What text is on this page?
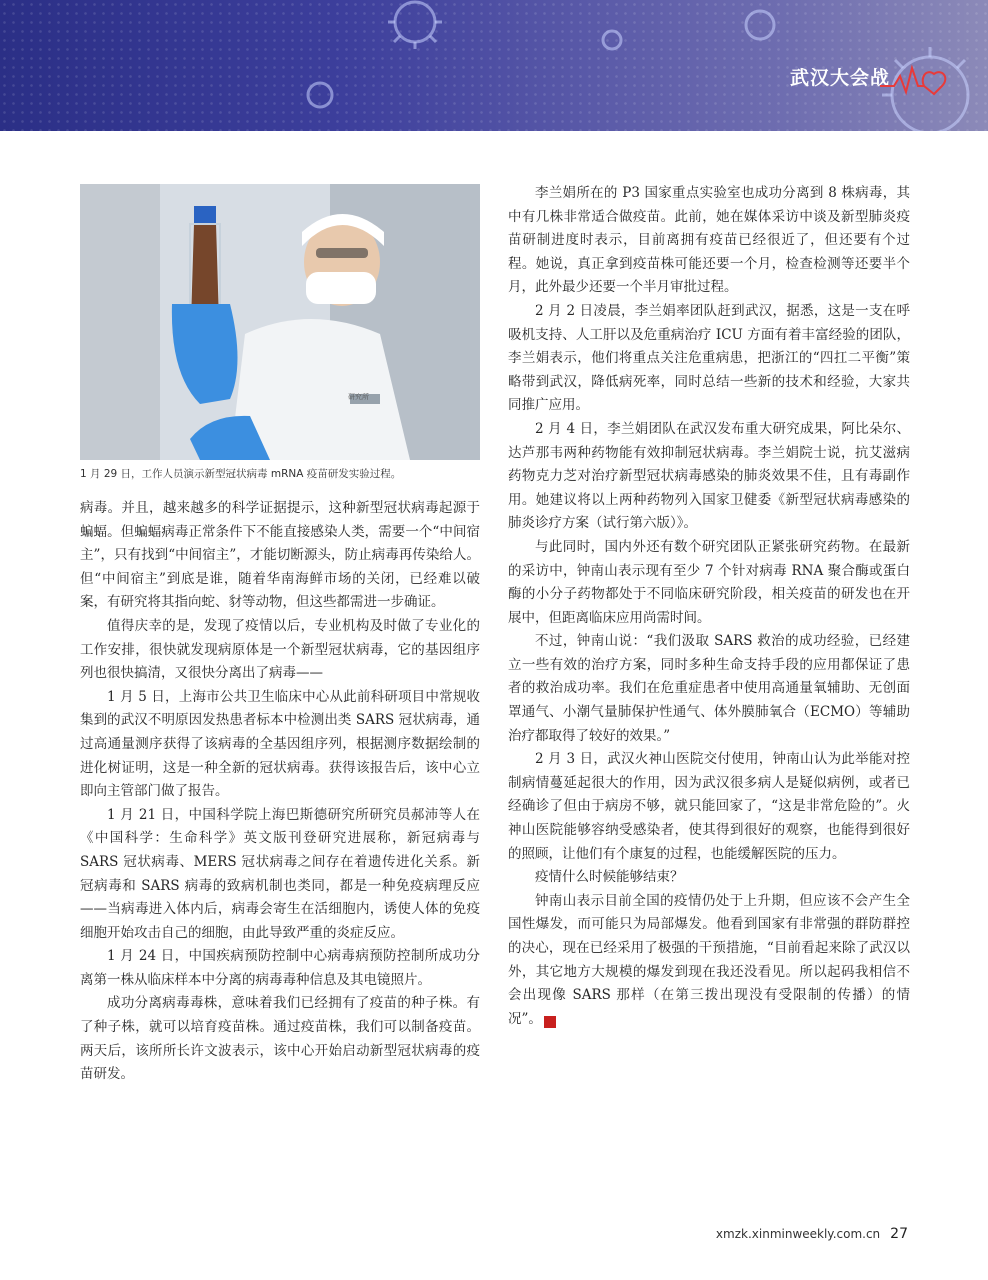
武汉大会战
研究所
1 月 29 日，工作人员演示新型冠状病毒 mRNA 疫苗研发实验过程。

病毒。并且，越来越多的科学证据提示，这种新型冠状病毒起源于蝙蝠。但蝙蝠病毒正常条件下不能直接感染人类，需要一个“中间宿主”，只有找到“中间宿主”，才能切断源头，防止病毒再传染给人。但“中间宿主”到底是谁，随着华南海鲜市场的关闭，已经难以破案，有研究将其指向蛇、豺等动物，但这些都需进一步确证。

值得庆幸的是，发现了疫情以后，专业机构及时做了专业化的工作安排，很快就发现病原体是一个新型冠状病毒，它的基因组序列也很快搞清，又很快分离出了病毒——

1 月 5 日，上海市公共卫生临床中心从此前科研项目中常规收集到的武汉不明原因发热患者标本中检测出类 SARS 冠状病毒，通过高通量测序获得了该病毒的全基因组序列，根据测序数据绘制的进化树证明，这是一种全新的冠状病毒。获得该报告后，该中心立即向主管部门做了报告。

1 月 21 日，中国科学院上海巴斯德研究所研究员郝沛等人在《中国科学：生命科学》英文版刊登研究进展称，新冠病毒与 SARS 冠状病毒、MERS 冠状病毒之间存在着遗传进化关系。新冠病毒和 SARS 病毒的致病机制也类同，都是一种免疫病理反应——当病毒进入体内后，病毒会寄生在活细胞内，诱使人体的免疫细胞开始攻击自己的细胞，由此导致严重的炎症反应。

1 月 24 日，中国疾病预防控制中心病毒病预防控制所成功分离第一株从临床样本中分离的病毒毒种信息及其电镜照片。

成功分离病毒毒株，意味着我们已经拥有了疫苗的种子株。有了种子株，就可以培育疫苗株。通过疫苗株，我们可以制备疫苗。两天后，该所所长许文波表示，该中心开始启动新型冠状病毒的疫苗研发。

李兰娟所在的 P3 国家重点实验室也成功分离到 8 株病毒，其中有几株非常适合做疫苗。此前，她在媒体采访中谈及新型肺炎疫苗研制进度时表示，目前离拥有疫苗已经很近了，但还要有个过程。她说，真正拿到疫苗株可能还要一个月，检查检测等还要半个月，此外最少还要一个半月审批过程。

2 月 2 日凌晨，李兰娟率团队赶到武汉，据悉，这是一支在呼吸机支持、人工肝以及危重病治疗 ICU 方面有着丰富经验的团队，李兰娟表示，他们将重点关注危重病患，把浙江的“四扛二平衡”策略带到武汉，降低病死率，同时总结一些新的技术和经验，大家共同推广应用。

2 月 4 日，李兰娟团队在武汉发布重大研究成果，阿比朵尔、达芦那韦两种药物能有效抑制冠状病毒。李兰娟院士说，抗艾滋病药物克力芝对治疗新型冠状病毒感染的肺炎效果不佳，且有毒副作用。她建议将以上两种药物列入国家卫健委《新型冠状病毒感染的肺炎诊疗方案（试行第六版）》。

与此同时，国内外还有数个研究团队正紧张研究药物。在最新的采访中，钟南山表示现有至少 7 个针对病毒 RNA 聚合酶或蛋白酶的小分子药物都处于不同临床研究阶段，相关疫苗的研发也在开展中，但距离临床应用尚需时间。

不过，钟南山说：“我们汲取 SARS 救治的成功经验，已经建立一些有效的治疗方案，同时多种生命支持手段的应用都保证了患者的救治成功率。我们在危重症患者中使用高通量氧辅助、无创面罩通气、小潮气量肺保护性通气、体外膜肺氧合（ECMO）等辅助治疗都取得了较好的效果。”

2 月 3 日，武汉火神山医院交付使用，钟南山认为此举能对控制病情蔓延起很大的作用，因为武汉很多病人是疑似病例，或者已经确诊了但由于病房不够，就只能回家了，“这是非常危险的”。火神山医院能够容纳受感染者，使其得到很好的观察，也能得到很好的照顾，让他们有个康复的过程，也能缓解医院的压力。

疫情什么时候能够结束？

钟南山表示目前全国的疫情仍处于上升期，但应该不会产生全国性爆发，而可能只为局部爆发。他看到国家有非常强的群防群控的决心，现在已经采用了极强的干预措施，“目前看起来除了武汉以外，其它地方大规模的爆发到现在我还没看见。所以起码我相信不会出现像 SARS 那样（在第三拨出现没有受限制的传播）的情况”。	民

xmzk.xinminweekly.com.cn 27
